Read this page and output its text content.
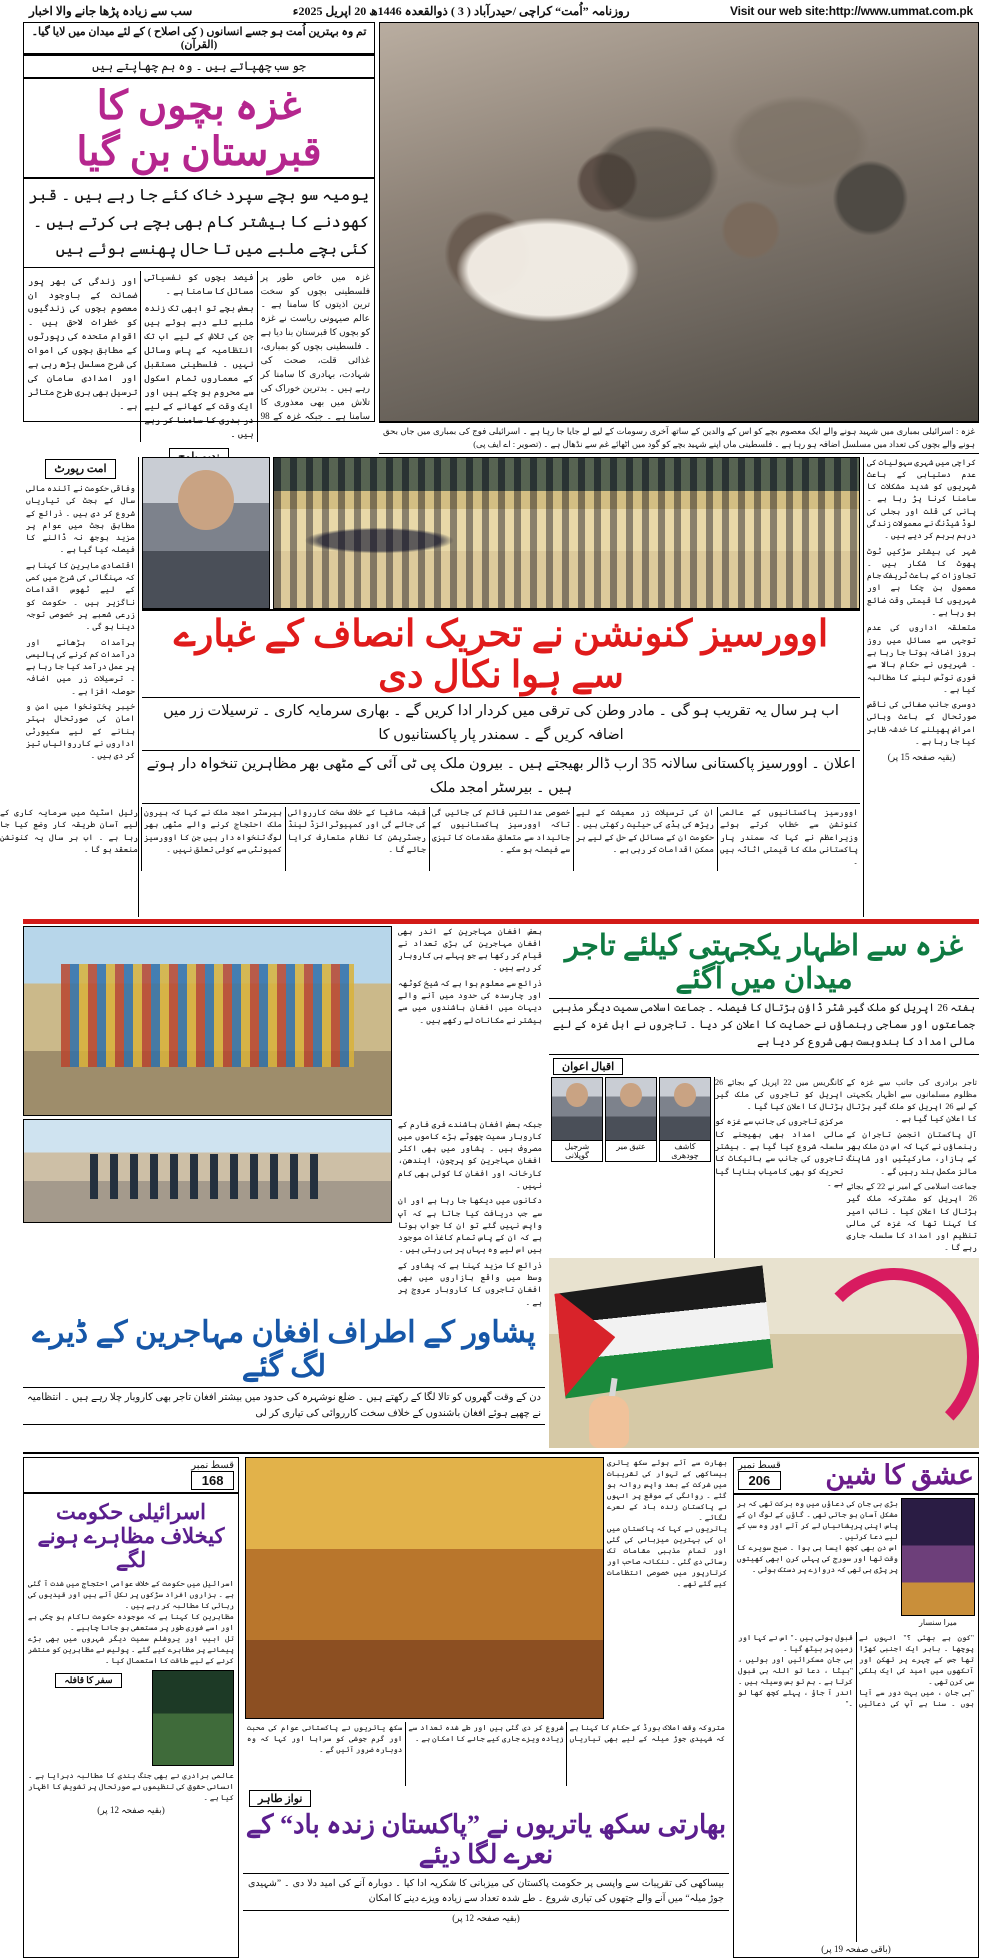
Visit our web site:http://www.ummat.com.pk
روزنامہ ”اُمت“ کراچی /حیدرآباد ( 3 ) ذوالقعدہ 1446ھ 20 اپریل 2025ء
سب سے زیادہ پڑھا جانے والا اخبار
تم وہ بہترین اُمت ہو جسے انسانوں ( کی اصلاح ) کے لئے میدان میں لایا گیا۔ (القرآن)
جو سب چھپاتے ہیں ۔ وہ ہم چھاپتے ہیں
غزہ بچوں کا قبرستان بن گیا
یومیہ سو بچے سپرد خاک کئے جا رہے ہیں ۔ قبر کھودنے کا بیشتر کام بھی بچے ہی کرتے ہیں ۔ کئی بچے ملبے میں تا حال پھنسے ہوئے ہیں
غزہ میں خاص طور پر فلسطینی بچوں کو سخت ترین اذیتوں کا سامنا ہے ۔ عالم صیہونی ریاست نے غزہ کو بچوں کا قبرستان بنا دیا ہے ۔ فلسطینی بچوں کو بمباری، غذائی قلت، صحت کی شہادت، بہادری کا سامنا کر رہے ہیں ۔ بدترین خوراک کی تلاش میں بھی معذوری کا سامنا ہے ۔ جبکہ غزہ کے 98 فیصد بچوں کو نفسیاتی مسائل کا سامنا ہے ۔
بعض بچے تو ابھی تک زندہ ملبے تلے دبے ہوئے ہیں جن کی تلاش کے لیے اب تک انتظامیہ کے پاس وسائل نہیں ۔ فلسطینی مستقبل کے معماروں تمام اسکول سے محروم ہو چکے ہیں اور ایک وقت کے کھانے کے لیے در بدری کا سامنا کر رہے ہیں ۔
اور زندگی کی بھر پور ضمانت کے باوجود ان معصوم بچوں کی زندگیوں کو خطرات لاحق ہیں ۔ اقوام متحدہ کی رپورٹوں کے مطابق بچوں کی اموات کی شرح مسلسل بڑھ رہی ہے اور امدادی سامان کی ترسیل بھی بری طرح متاثر ہے ۔
غزہ : اسرائیلی بمباری میں شہید ہونے والے ایک معصوم بچے کو اس کے والدین کے ساتھ آخری رسومات کے لیے لے جایا جا رہا ہے ۔ اسرائیلی فوج کی بمباری میں جاں بحق ہونے والے بچوں کی تعداد میں مسلسل اضافہ ہو رہا ہے ۔ فلسطینی ماں اپنے شہید بچے کو گود میں اٹھائے غم سے نڈھال ہے ۔ (تصویر : اے ایف پی)

کراچی میں شہری سہولیات کی عدم دستیابی کے باعث شہریوں کو شدید مشکلات کا سامنا کرنا پڑ رہا ہے ۔ پانی کی قلت اور بجلی کی لوڈ شیڈنگ نے معمولات زندگی درہم برہم کر دیے ہیں ۔

شہر کی بیشتر سڑکیں ٹوٹ پھوٹ کا شکار ہیں ۔ تجاوزات کے باعث ٹریفک جام معمول بن چکا ہے اور شہریوں کا قیمتی وقت ضائع ہو رہا ہے ۔

متعلقہ اداروں کی عدم توجہی سے مسائل میں روز بروز اضافہ ہوتا جا رہا ہے ۔ شہریوں نے حکام بالا سے فوری نوٹس لینے کا مطالبہ کیا ہے ۔

دوسری جانب صفائی کی ناقص صورتحال کے باعث وبائی امراض پھیلنے کا خدشہ ظاہر کیا جا رہا ہے ۔

(بقیہ صفحہ 15 پر)

اوورسیز کنونشن نے تحریک انصاف کے غبارے سے ہوا نکال دی
اب ہر سال یہ تقریب ہو گی ۔ مادر وطن کی ترقی میں کردار ادا کریں گے ۔ بھاری سرمایہ کاری ۔ ترسیلات زر میں اضافہ کریں گے ۔ سمندر پار پاکستانیوں کا
اعلان ۔ اوورسیز پاکستانی سالانہ 35 ارب ڈالر بھیجتے ہیں ۔ بیرون ملک پی ٹی آئی کے مٹھی بھر مظاہرین تنخواہ دار ہوتے ہیں ۔ بیرسٹر امجد ملک

اوورسیز پاکستانیوں کے عالمی کنونشن سے خطاب کرتے ہوئے وزیراعظم نے کہا کہ سمندر پار پاکستانی ملک کا قیمتی اثاثہ ہیں ۔

ان کی ترسیلات زر معیشت کے لیے ریڑھ کی ہڈی کی حیثیت رکھتی ہیں ۔ حکومت ان کے مسائل کے حل کے لیے ہر ممکن اقدامات کر رہی ہے ۔

خصوصی عدالتیں قائم کی جائیں گی تاکہ اوورسیز پاکستانیوں کے جائیداد سے متعلق مقدمات کا تیزی سے فیصلہ ہو سکے ۔

قبضہ مافیا کے خلاف سخت کارروائی کی جائے گی اور کمپیوٹرائزڈ لینڈ رجسٹریشن کا نظام متعارف کرایا جائے گا ۔

بیرسٹر امجد ملک نے کہا کہ بیرون ملک احتجاج کرنے والے مٹھی بھر لوگ تنخواہ دار ہیں جن کا اوورسیز کمیونٹی سے کوئی تعلق نہیں ۔

رئیل اسٹیٹ میں سرمایہ کاری کے لیے آسان طریقہ کار وضع کیا جا رہا ہے ۔ اب ہر سال یہ کنونشن منعقد ہو گا ۔

امت رپورٹ

وفاقی حکومت نے آئندہ مالی سال کے بجٹ کی تیاریاں شروع کر دی ہیں ۔ ذرائع کے مطابق بجٹ میں عوام پر مزید بوجھ نہ ڈالنے کا فیصلہ کیا گیا ہے ۔

اقتصادی ماہرین کا کہنا ہے کہ مہنگائی کی شرح میں کمی کے لیے ٹھوس اقدامات ناگزیر ہیں ۔ حکومت کو زرعی شعبے پر خصوصی توجہ دینا ہو گی ۔

برآمدات بڑھانے اور درآمدات کم کرنے کی پالیسی پر عمل درآمد کیا جا رہا ہے ۔ ترسیلات زر میں اضافہ حوصلہ افزا ہے ۔

خیبر پختونخوا میں امن و امان کی صورتحال بہتر بنانے کے لیے سکیورٹی اداروں نے کارروائیاں تیز کر دی ہیں ۔

غزہ سے اظہار یکجہتی کیلئے تاجر میدان میں آگئے
ہفتہ 26 اپریل کو ملک گیر شٹر ڈاؤن ہڑتال کا فیصلہ ۔ جماعت اسلامی سمیت دیگر مذہبی جماعتوں اور سماجی رہنماؤں نے حمایت کا اعلان کر دیا ۔ تاجروں نے اہل غزہ کے لیے مالی امداد کا بندوبست بھی شروع کر دیا ہے
اقبال اعوان

تاجر برادری کی جانب سے غزہ کے مظلوم مسلمانوں سے اظہار یکجہتی کے لیے 26 اپریل کو ملک گیر ہڑتال کا اعلان کیا گیا ہے ۔

آل پاکستان انجمن تاجران کے رہنماؤں نے کہا کہ اس دن ملک بھر کے بازار، مارکیٹیں اور شاپنگ مالز مکمل بند رہیں گے ۔

جماعت اسلامی کے امیر نے 22 کے بجائے 26 اپریل کو مشترکہ ملک گیر ہڑتال کا اعلان کیا ۔ نائب امیر کا کہنا تھا کہ غزہ کی مالی تنظیم اور امداد کا سلسلہ جاری رہے گا ۔

کانگریس میں 22 اپریل کے بجائے 26 اپریل کو تاجروں کی ملک گیر ہڑتال کا اعلان کیا گیا ۔

مرکزی تاجروں کی جانب سے غزہ کو مالی امداد بھی بھیجنے کا سلسلہ شروع کیا گیا ہے ۔ بیشتر تاجروں کی جانب سے بائیکاٹ کا تحریک کو بھی کامیاب بنایا گیا ہے ۔

کاشف چودھری
عتیق میر
شرجیل گوپلانی

بعض افغان مہاجرین کے اندر بھی افغان مہاجرین کی بڑی تعداد نے قیام کر رکھا ہے جو پہلے ہی کاروبار کر رہے ہیں ۔

ذرائع سے معلوم ہوا ہے کہ شیخ کوٹھہ اور چارسدہ کی حدود میں آنے والے دیہات میں افغان باشندوں میں سے بیشتر نے مکانات لے رکھے ہیں ۔

جبکہ بعض افغان باشندے فری فارم کے کاروبار سمیت چھوٹے بڑے کاموں میں مصروف ہیں ۔ پشاور میں بھی اکثر افغان مہاجرین کو پرچون، ایندھن، کارخانہ اور افغان کا کوئی بھی کام نہیں ۔

دکانوں میں دیکھا جا رہا ہے اور ان سے جب دریافت کیا جاتا ہے کہ آپ واپس نہیں گئے تو ان کا جواب ہوتا ہے کہ ان کے پاس تمام کاغذات موجود ہیں اس لیے وہ یہاں پر ہی رہتی ہیں ۔

ذرائع کا مزید کہنا ہے کہ پشاور کے وسط میں واقع بازاروں میں بھی افغان تاجروں کا کاروبار عروج پر ہے ۔

پشاور کے اطراف افغان مہاجرین کے ڈیرے لگ گئے
دن کے وقت گھروں کو تالا لگا کے رکھتے ہیں ۔ ضلع نوشہرہ کی حدود میں بیشتر افغان تاجر بھی کاروبار چلا رہے ہیں ۔ انتظامیہ نے چھپے ہوئے افغان باشندوں کے خلاف سخت کارروائی کی تیاری کر لی
عشق کا شین
قسط نمبر
206
میرا سنسار

بڑی بی جان کی دعاؤں میں وہ برکت تھی کہ ہر مشکل آسان ہو جاتی تھی ۔ گاؤں کے لوگ ان کے پاس اپنی پریشانیاں لے کر آتے اور وہ سب کے لیے دعا کرتیں ۔

اس دن بھی کچھ ایسا ہی ہوا ۔ صبح سویرے کا وقت تھا اور سورج کی پہلی کرن ابھی کھیتوں پر پڑی ہی تھی کہ دروازے پر دستک ہوئی ۔

"کون ہے بھئی ؟" انہوں نے پوچھا ۔ باہر ایک اجنبی کھڑا تھا جس کے چہرے پر تھکن اور آنکھوں میں امید کی ایک ہلکی سی کرن تھی ۔

"بی جان ، میں بہت دور سے آیا ہوں ۔ سنا ہے آپ کی دعائیں قبول ہوتی ہیں ۔" اس نے کہا اور زمین پر بیٹھ گیا ۔

بی جان مسکرائیں اور بولیں ، "بیٹا ، دعا تو اللہ ہی قبول کرتا ہے ۔ ہم تو بس وسیلہ ہیں ۔ اندر آ جاؤ ، پہلے کچھ کھا لو ۔"

(باقی صفحہ 19 پر)

بھارت سے آئے ہوئے سکھ یاتری بیساکھی کے تہوار کی تقریبات میں شرکت کے بعد واپس روانہ ہو گئے ۔ روانگی کے موقع پر انہوں نے پاکستان زندہ باد کے نعرے لگائے ۔

یاتریوں نے کہا کہ پاکستان میں ان کی بہترین میزبانی کی گئی اور تمام مذہبی مقامات تک رسائی دی گئی ۔ ننکانہ صاحب اور کرتارپور میں خصوصی انتظامات کیے گئے تھے ۔

متروکہ وقف املاک بورڈ کے حکام کا کہنا ہے کہ شہیدی جوڑ میلہ کے لیے بھی تیاریاں شروع کر دی گئی ہیں اور طے شدہ تعداد سے زیادہ ویزے جاری کیے جانے کا امکان ہے ۔

سکھ یاتریوں نے پاکستانی عوام کی محبت اور گرم جوشی کو سراہا اور کہا کہ وہ دوبارہ ضرور آئیں گے ۔

نواز طاہر
بھارتی سکھ یاتریوں نے ”پاکستان زندہ باد“ کے نعرے لگا دیئے
بیساکھی کی تقریبات سے واپسی پر حکومت پاکستان کی میزبانی کا شکریہ ادا کیا ۔ دوبارہ آنے کی امید دلا دی ۔ ”شہیدی جوڑ میلہ“ میں آنے والے جتھوں کی تیاری شروع ۔ طے شدہ تعداد سے زیادہ ویزے دینے کا امکان
(بقیہ صفحہ 12 پر)
قسط نمبر
168
اسرائیلی حکومت کیخلاف مظاہرے ہونے لگے

اسرائیل میں حکومت کے خلاف عوامی احتجاج میں شدت آ گئی ہے ۔ ہزاروں افراد سڑکوں پر نکل آئے ہیں اور قیدیوں کی رہائی کا مطالبہ کر رہے ہیں ۔

مظاہرین کا کہنا ہے کہ موجودہ حکومت ناکام ہو چکی ہے اور اسے فوری طور پر مستعفی ہو جانا چاہیے ۔

تل ابیب اور یروشلم سمیت دیگر شہروں میں بھی بڑے پیمانے پر مظاہرے کیے گئے ۔ پولیس نے مظاہرین کو منتشر کرنے کے لیے طاقت کا استعمال کیا ۔

سفر کا قافلہ

عالمی برادری نے بھی جنگ بندی کا مطالبہ دہرایا ہے ۔ انسانی حقوق کی تنظیموں نے صورتحال پر تشویش کا اظہار کیا ہے ۔

(بقیہ صفحہ 12 پر)
